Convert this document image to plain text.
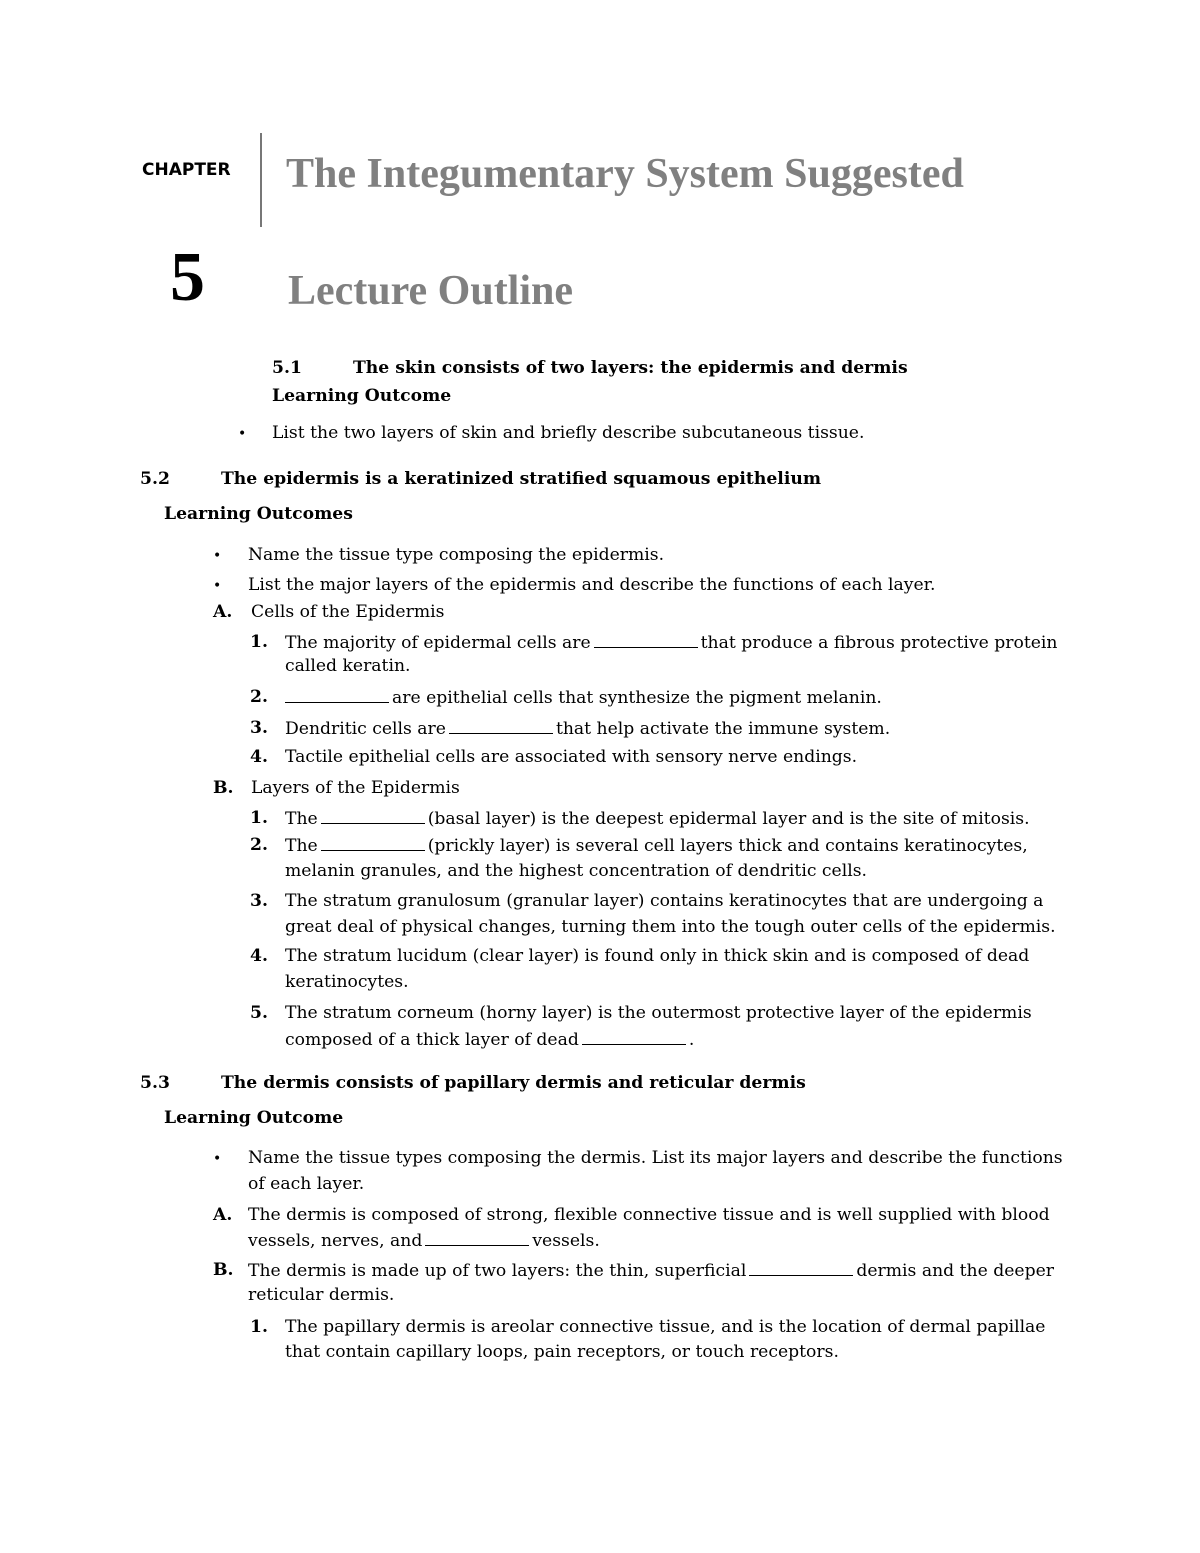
CHAPTER The Integumentary System Suggested
5 Lecture Outline
5.1	The skin consists of two layers: the epidermis and dermis
Learning Outcome
• List the two layers of skin and briefly describe subcutaneous tissue.
5.2	The epidermis is a keratinized stratified squamous epithelium
Learning Outcomes
• Name the tissue type composing the epidermis.
• List the major layers of the epidermis and describe the functions of each layer.
A. Cells of the Epidermis
1. The majority of epidermal cells are	that produce a fibrous protective protein
called keratin.
2.	are epithelial cells that synthesize the pigment melanin.
3. Dendritic cells are	that help activate the immune system.
4. Tactile epithelial cells are associated with sensory nerve endings.
B. Layers of the Epidermis
1. The	(basal layer) is the deepest epidermal layer and is the site of mitosis.
2. The	(prickly layer) is several cell layers thick and contains keratinocytes,
melanin granules, and the highest concentration of dendritic cells.
3. The stratum granulosum (granular layer) contains keratinocytes that are undergoing a
great deal of physical changes, turning them into the tough outer cells of the epidermis.
4. The stratum lucidum (clear layer) is found only in thick skin and is composed of dead
keratinocytes.
5. The stratum corneum (horny layer) is the outermost protective layer of the epidermis
composed of a thick layer of dead	.
5.3	The dermis consists of papillary dermis and reticular dermis
Learning Outcome
• Name the tissue types composing the dermis. List its major layers and describe the functions
of each layer.
A. The dermis is composed of strong, flexible connective tissue and is well supplied with blood
vessels, nerves, and	vessels.
B. The dermis is made up of two layers: the thin, superficial	dermis and the deeper
reticular dermis.
1. The papillary dermis is areolar connective tissue, and is the location of dermal papillae
that contain capillary loops, pain receptors, or touch receptors.
